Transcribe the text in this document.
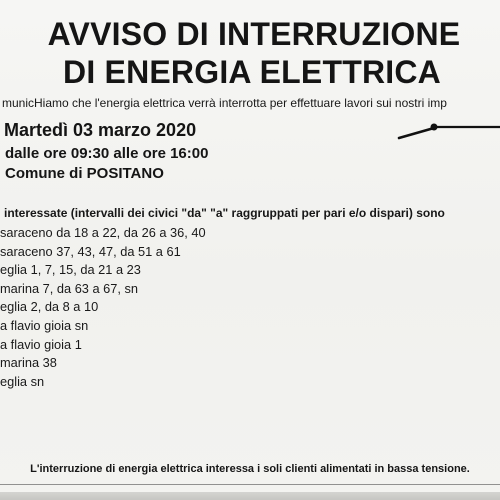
AVVISO DI INTERRUZIONE
DI ENERGIA ELETTRICA
municHiamo che l'energia elettrica verrà interrotta per effettuare lavori sui nostri imp
Martedì 03 marzo 2020
dalle ore 09:30 alle ore 16:00
Comune di POSITANO
interessate (intervalli dei civici "da" "a" raggruppati per pari e/o dispari) sono
saraceno da 18 a 22, da 26 a 36, 40
saraceno 37, 43, 47, da 51 a 61
eglia 1, 7, 15, da 21 a 23
marina 7, da 63 a 67, sn
eglia 2, da 8 a 10
a flavio gioia sn
a flavio gioia 1
marina 38
eglia sn
L'interruzione di energia elettrica interessa i soli clienti alimentati in bassa tensione.
